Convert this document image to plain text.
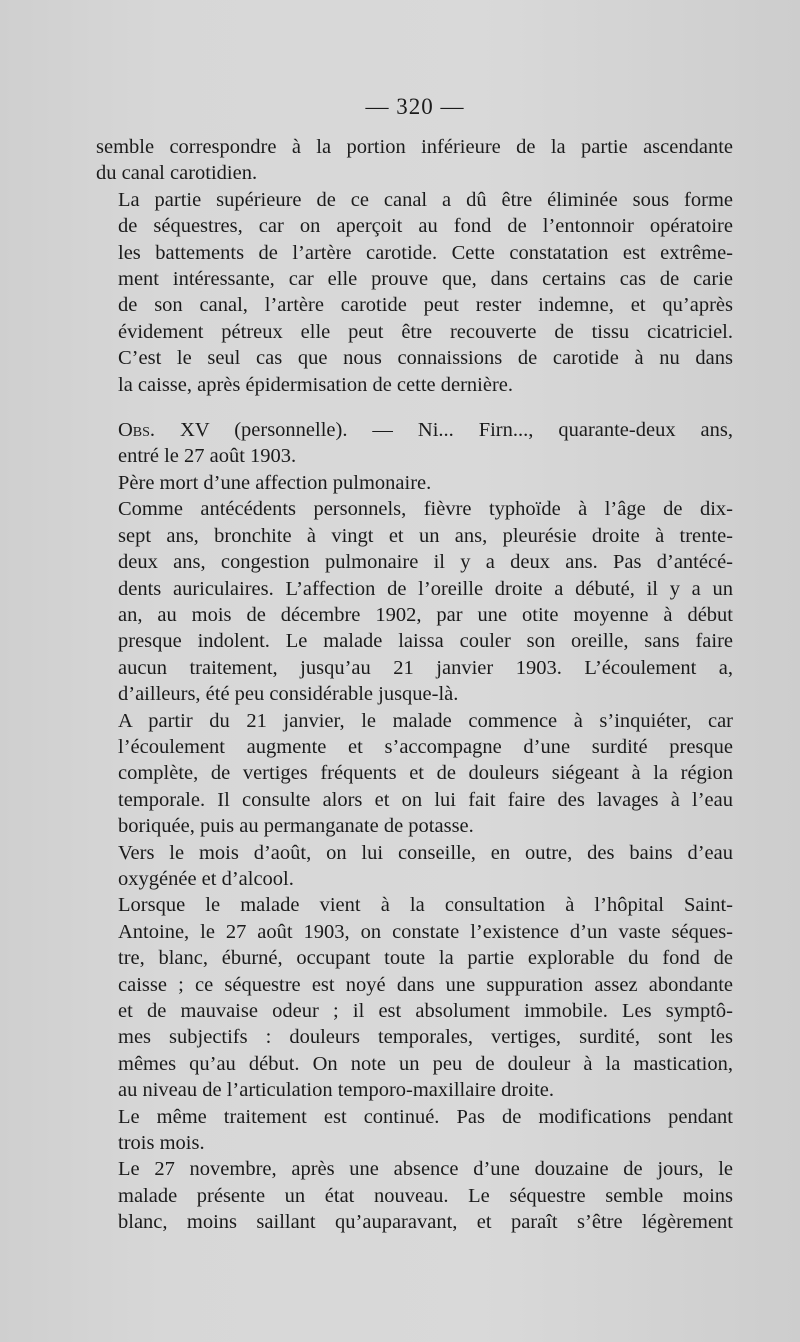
— 320 —

semble correspondre à la portion inférieure de la partie ascendante
du canal carotidien.

La partie supérieure de ce canal a dû être éliminée sous forme
de séquestres, car on aperçoit au fond de l’entonnoir opératoire
les battements de l’artère carotide. Cette constatation est extrême-
ment intéressante, car elle prouve que, dans certains cas de carie
de son canal, l’artère carotide peut rester indemne, et qu’après
évidement pétreux elle peut être recouverte de tissu cicatriciel.
C’est le seul cas que nous connaissions de carotide à nu dans
la caisse, après épidermisation de cette dernière.

Obs. XV (personnelle). — Ni... Firn..., quarante-deux ans,
entré le 27 août 1903.

Père mort d’une affection pulmonaire.

Comme antécédents personnels, fièvre typhoïde à l’âge de dix-
sept ans, bronchite à vingt et un ans, pleurésie droite à trente-
deux ans, congestion pulmonaire il y a deux ans. Pas d’antécé-
dents auriculaires. L’affection de l’oreille droite a débuté, il y a un
an, au mois de décembre 1902, par une otite moyenne à début
presque indolent. Le malade laissa couler son oreille, sans faire
aucun traitement, jusqu’au 21 janvier 1903. L’écoulement a,
d’ailleurs, été peu considérable jusque-là.

A partir du 21 janvier, le malade commence à s’inquiéter, car
l’écoulement augmente et s’accompagne d’une surdité presque
complète, de vertiges fréquents et de douleurs siégeant à la région
temporale. Il consulte alors et on lui fait faire des lavages à l’eau
boriquée, puis au permanganate de potasse.

Vers le mois d’août, on lui conseille, en outre, des bains d’eau
oxygénée et d’alcool.

Lorsque le malade vient à la consultation à l’hôpital Saint-
Antoine, le 27 août 1903, on constate l’existence d’un vaste séques-
tre, blanc, éburné, occupant toute la partie explorable du fond de
caisse ; ce séquestre est noyé dans une suppuration assez abondante
et de mauvaise odeur ; il est absolument immobile. Les symptô-
mes subjectifs : douleurs temporales, vertiges, surdité, sont les
mêmes qu’au début. On note un peu de douleur à la mastication,
au niveau de l’articulation temporo-maxillaire droite.

Le même traitement est continué. Pas de modifications pendant
trois mois.

Le 27 novembre, après une absence d’une douzaine de jours, le
malade présente un état nouveau. Le séquestre semble moins
blanc, moins saillant qu’auparavant, et paraît s’être légèrement
